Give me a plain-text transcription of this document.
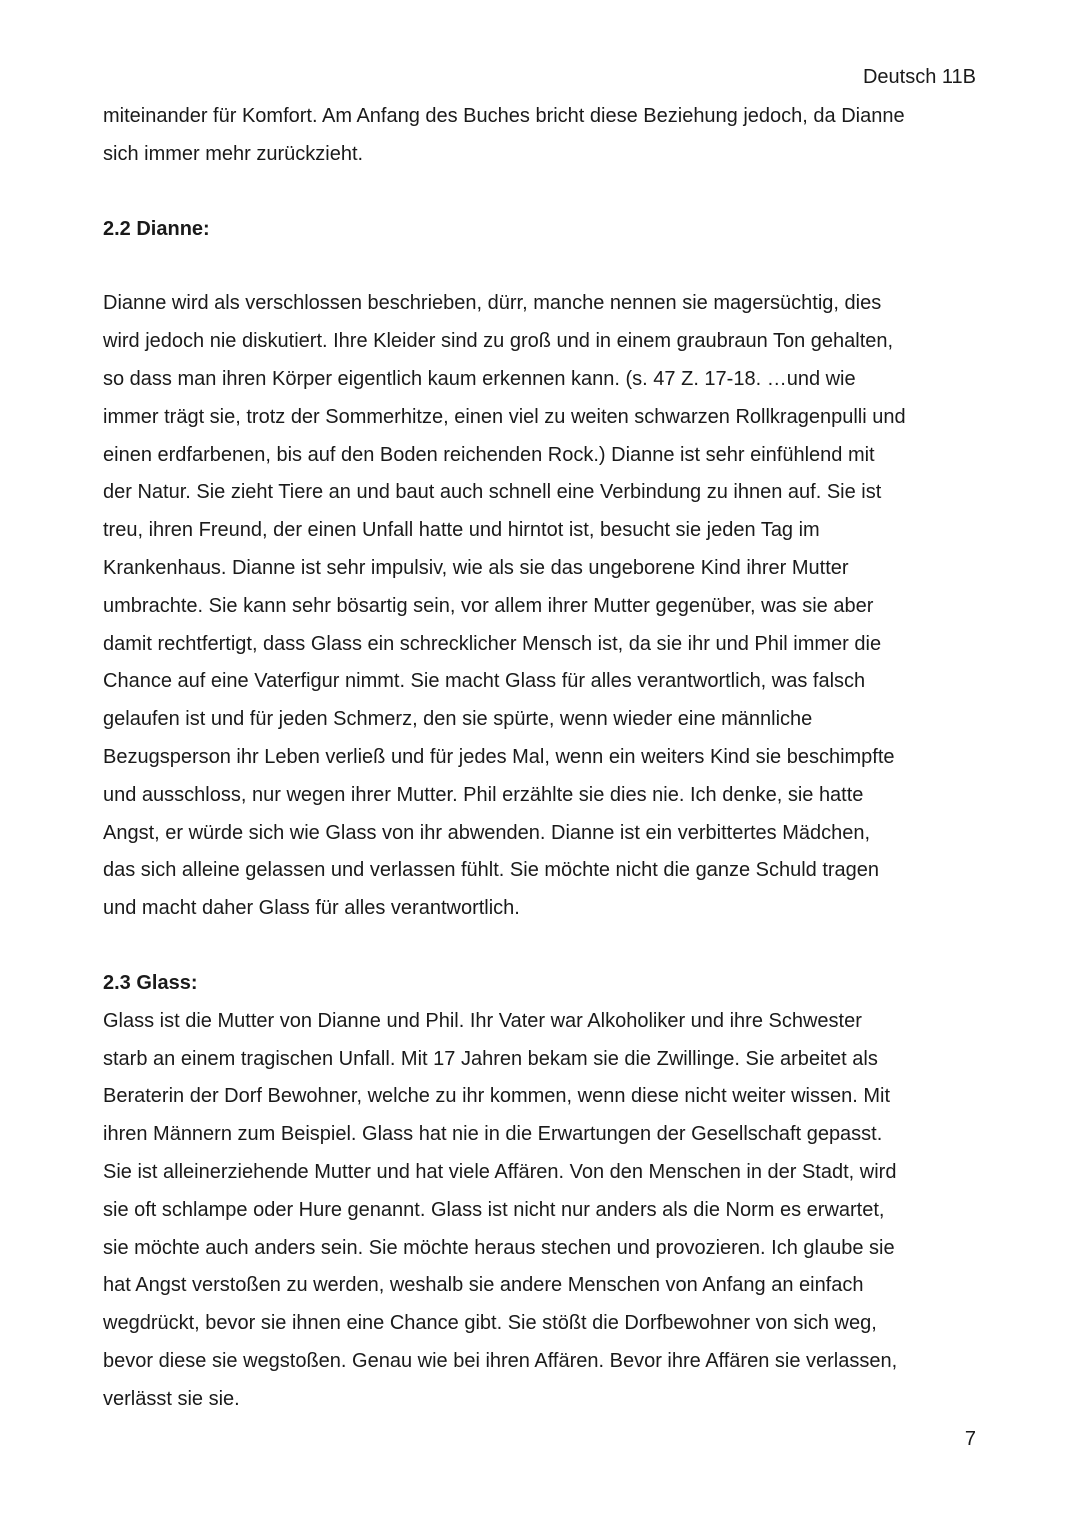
Deutsch 11B

miteinander für Komfort. Am Anfang des Buches bricht diese Beziehung jedoch, da Dianne
sich immer mehr zurückzieht.

2.2 Dianne:

Dianne wird als verschlossen beschrieben, dürr, manche nennen sie magersüchtig, dies
wird jedoch nie diskutiert. Ihre Kleider sind zu groß und in einem graubraun Ton gehalten,
so dass man ihren Körper eigentlich kaum erkennen kann. (s. 47 Z. 17-18. …und wie
immer trägt sie, trotz der Sommerhitze, einen viel zu weiten schwarzen Rollkragenpulli und
einen erdfarbenen, bis auf den Boden reichenden Rock.) Dianne ist sehr einfühlend mit
der Natur. Sie zieht Tiere an und baut auch schnell eine Verbindung zu ihnen auf. Sie ist
treu, ihren Freund, der einen Unfall hatte und hirntot ist, besucht sie jeden Tag im
Krankenhaus. Dianne ist sehr impulsiv, wie als sie das ungeborene Kind ihrer Mutter
umbrachte. Sie kann sehr bösartig sein, vor allem ihrer Mutter gegenüber, was sie aber
damit rechtfertigt, dass Glass ein schrecklicher Mensch ist, da sie ihr und Phil immer die
Chance auf eine Vaterfigur nimmt. Sie macht Glass für alles verantwortlich, was falsch
gelaufen ist und für jeden Schmerz, den sie spürte, wenn wieder eine männliche
Bezugsperson ihr Leben verließ und für jedes Mal, wenn ein weiters Kind sie beschimpfte
und ausschloss, nur wegen ihrer Mutter. Phil erzählte sie dies nie. Ich denke, sie hatte
Angst, er würde sich wie Glass von ihr abwenden. Dianne ist ein verbittertes Mädchen,
das sich alleine gelassen und verlassen fühlt. Sie möchte nicht die ganze Schuld tragen
und macht daher Glass für alles verantwortlich.

2.3 Glass:

Glass ist die Mutter von Dianne und Phil. Ihr Vater war Alkoholiker und ihre Schwester
starb an einem tragischen Unfall. Mit 17 Jahren bekam sie die Zwillinge. Sie arbeitet als
Beraterin der Dorf Bewohner, welche zu ihr kommen, wenn diese nicht weiter wissen. Mit
ihren Männern zum Beispiel. Glass hat nie in die Erwartungen der Gesellschaft gepasst.
Sie ist alleinerziehende Mutter und hat viele Affären. Von den Menschen in der Stadt, wird
sie oft schlampe oder Hure genannt. Glass ist nicht nur anders als die Norm es erwartet,
sie möchte auch anders sein. Sie möchte heraus stechen und provozieren. Ich glaube sie
hat Angst verstoßen zu werden, weshalb sie andere Menschen von Anfang an einfach
wegdrückt, bevor sie ihnen eine Chance gibt. Sie stößt die Dorfbewohner von sich weg,
bevor diese sie wegstoßen. Genau wie bei ihren Affären. Bevor ihre Affären sie verlassen,
verlässt sie sie.

7
